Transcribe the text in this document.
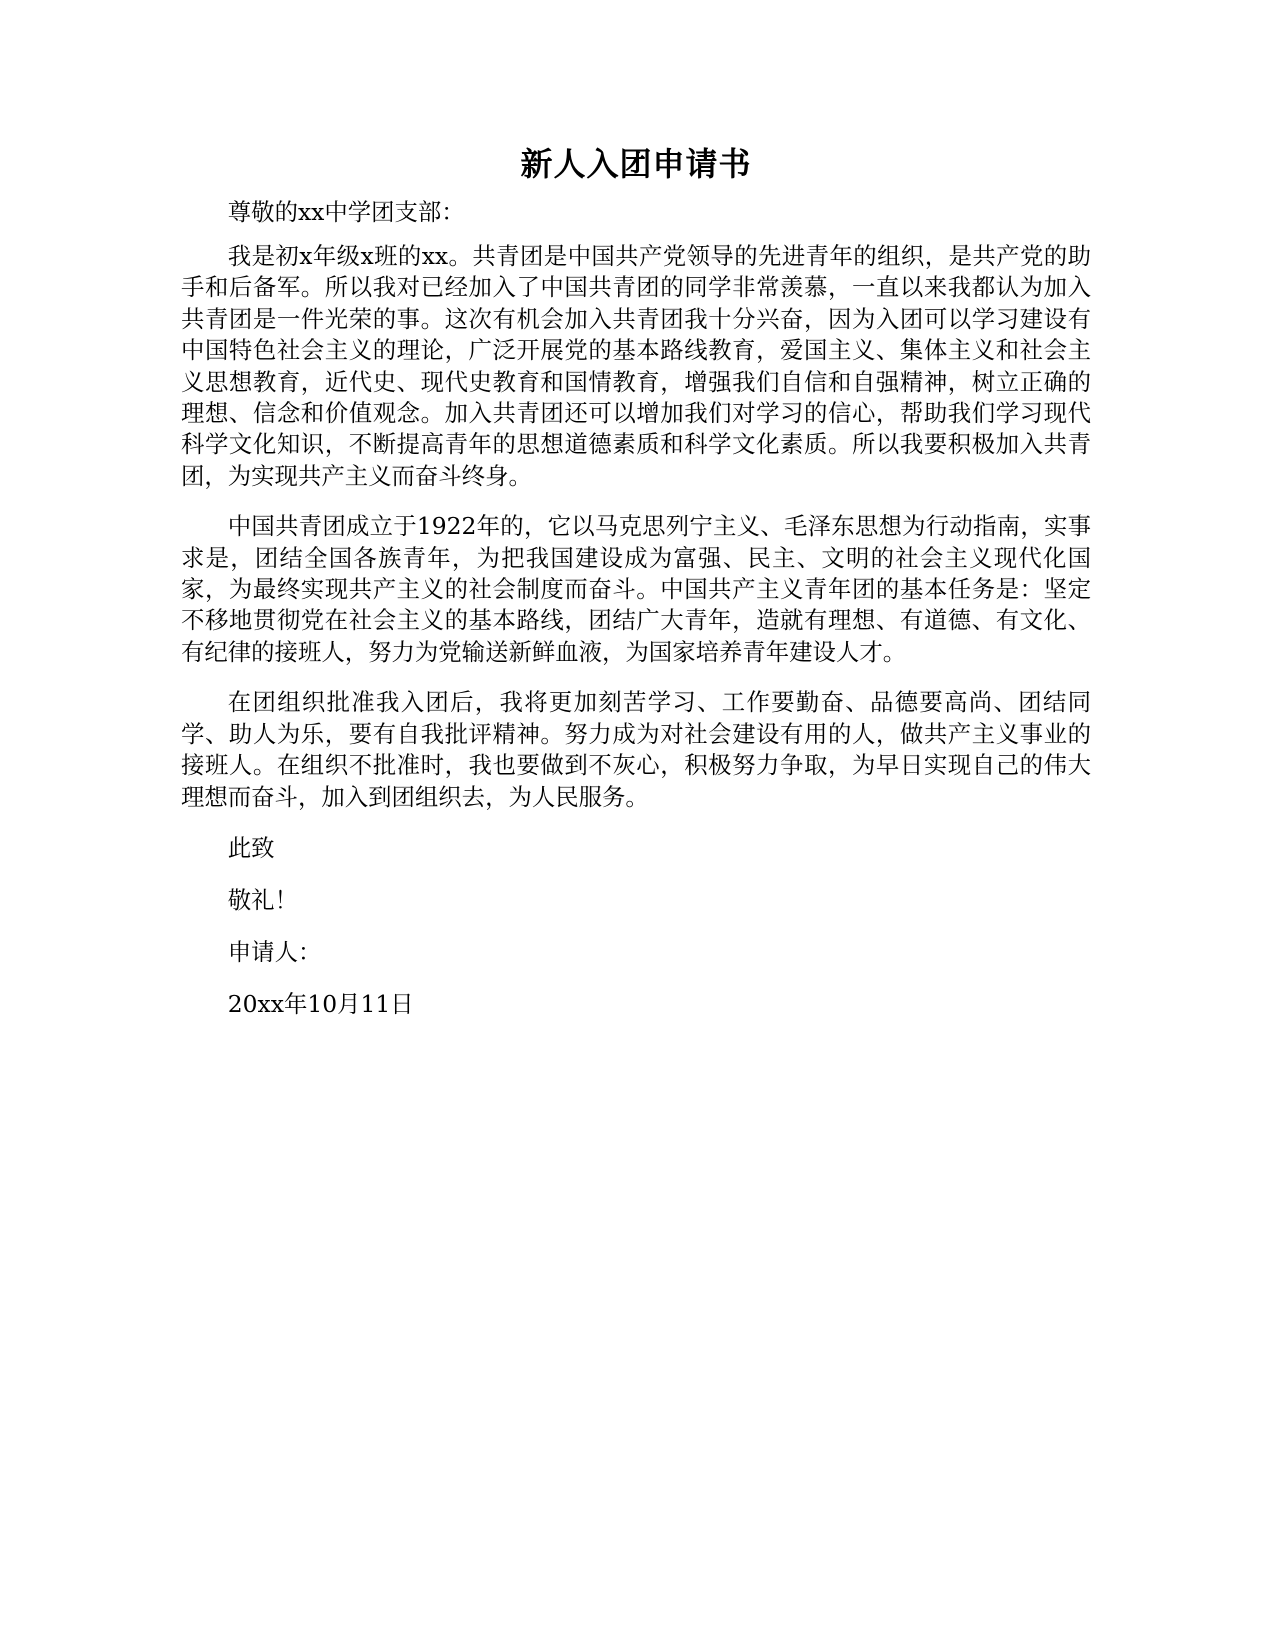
新人入团申请书

尊敬的xx中学团支部：

我是初x年级x班的xx。共青团是中国共产党领导的先进青年的组织，是共产党的助手和后备军。所以我对已经加入了中国共青团的同学非常羡慕，一直以来我都认为加入共青团是一件光荣的事。这次有机会加入共青团我十分兴奋，因为入团可以学习建设有中国特色社会主义的理论，广泛开展党的基本路线教育，爱国主义、集体主义和社会主义思想教育，近代史、现代史教育和国情教育，增强我们自信和自强精神，树立正确的理想、信念和价值观念。加入共青团还可以增加我们对学习的信心，帮助我们学习现代科学文化知识，不断提高青年的思想道德素质和科学文化素质。所以我要积极加入共青团，为实现共产主义而奋斗终身。

中国共青团成立于1922年的，它以马克思列宁主义、毛泽东思想为行动指南，实事求是，团结全国各族青年，为把我国建设成为富强、民主、文明的社会主义现代化国家，为最终实现共产主义的社会制度而奋斗。中国共产主义青年团的基本任务是：坚定不移地贯彻党在社会主义的基本路线，团结广大青年，造就有理想、有道德、有文化、有纪律的接班人，努力为党输送新鲜血液，为国家培养青年建设人才。

在团组织批准我入团后，我将更加刻苦学习、工作要勤奋、品德要高尚、团结同学、助人为乐，要有自我批评精神。努力成为对社会建设有用的人，做共产主义事业的接班人。在组织不批准时，我也要做到不灰心，积极努力争取，为早日实现自己的伟大理想而奋斗，加入到团组织去，为人民服务。

此致

敬礼！

申请人：

20xx年10月11日
